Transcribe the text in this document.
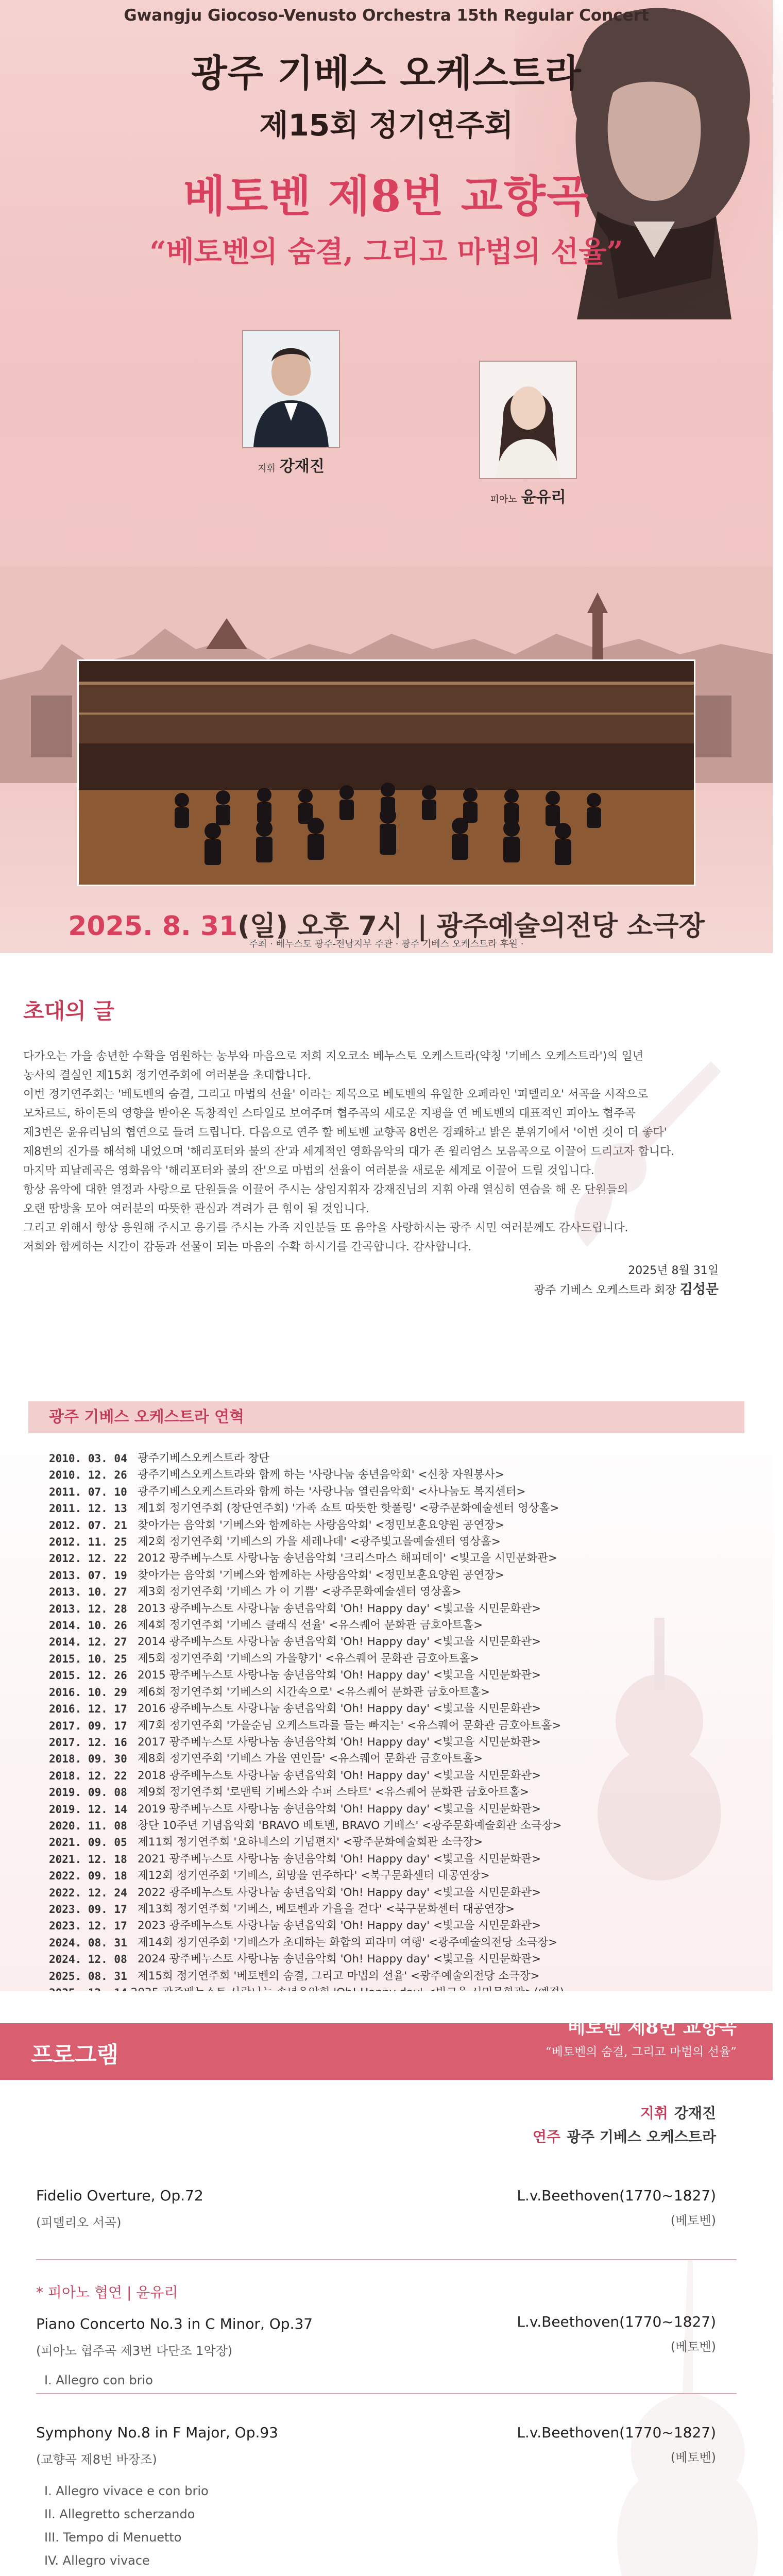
Gwangju Giocoso-Venusto Orchestra 15th Regular Concert
광주 기베스 오케스트라
제15회 정기연주회
베토벤 제8번 교향곡
“베토벤의 숨결, 그리고 마법의 선율”
지휘 강재진
피아노 윤유리
2025. 8. 31(일) 오후 7시 | 광주예술의전당 소극장
주최 · 베누스토 광주-전남지부 주관 · 광주 기베스 오케스트라 후원 ·
초대의 글

다가오는 가을 송년한 수확을 염원하는 농부와 마음으로 저희 지오코소 베누스토 오케스트라(약칭 '기베스 오케스트라')의 일년
농사의 결실인 제15회 정기연주회에 여러분을 초대합니다.
이번 정기연주회는 '베토벤의 숨결, 그리고 마법의 선율' 이라는 제목으로 베토벤의 유일한 오페라인 '피델리오' 서곡을 시작으로
모차르트, 하이든의 영향을 받아온 독창적인 스타일로 보여주며 협주곡의 새로운 지평을 연 베토벤의 대표적인 피아노 협주곡
제3번은 윤유리님의 협연으로 들려 드립니다. 다음으로 연주 할 베토벤 교향곡 8번은 경쾌하고 밝은 분위기에서 '이번 것이 더
제8번의 진가를 해석해 내었으며 '해리포터와 불의 잔'과 세계적인 영화음악의 대가 존 윌리엄스 모음곡으로 이끌어  합니다.
마지막 피날레곡은 영화음악 '해리포터와 불의 잔'으로 마법의 선율이 여러분을 새로운 세계로 이끌어 드릴 것입니다.
항상 음악에 대한 열정과 사랑으로 단원들을 이끌어 주시는 상임지휘자 강재진님의 지휘 아래 열심히 연습을 해 온
오랜 땀방울 모아 여러분의 따뜻한 관심과 격려가 큰 힘이 될 것입니다.
그리고 위해서 항상 응원해 주시고 응기를 주시는 가족 지인분들 또 음악을 사랑하시는 광주 시민 여러분께도
저희와 함께하는 시간이 감동과 선물이 되는 마음의 수확 하시기를 간곡합니다. 감사합니다.

2025년 8월 31일
광주 기베스 오케스트라 회장 김성문
광주 기베스 오케스트라 연혁
2010. 03. 04 광주기베스오케스트라 창단
2010. 12. 26 광주기베스오케스트라와 함께 하는 '사랑나눔 송년음악회' <신창 자원봉사>
2011. 07. 10 광주기베스오케스트라와 함께 하는 '사랑나눔 열린음악회' <사나눔도 복지센터>
2011. 12. 13 제1회 정기연주회 (창단연주회) '가족 쇼트 따뜻한 핫풀링' <광주문화예술센터 영상홀>
2012. 07. 21 찾아가는 음악회 '기베스와 함께하는 사랑음악회' <정민보훈요양원 공연장>
2012. 11. 25 제2회 정기연주회 '기베스의 가을 세레나데' <광주빛고을예술센터 영상홀>
2012. 12. 22 2012 광주베누스토 사랑나눔 송년음악회 '크리스마스 해피데이' <빛고을 시민문화관>
2013. 07. 19 찾아가는 음악회 '기베스와 함께하는 사랑음악회' <정민보훈요양원 공연장>
2013. 10. 27 제3회 정기연주회 '기베스 가 이 기쁨' <광주문화예술센터 영상홀>
2013. 12. 28 2013 광주베누스토 사랑나눔 송년음악회 'Oh! Happy day' <빛고을 시민문화관>
2014. 10. 26 제4회 정기연주회 '기베스 클래식 선율' <유스퀘어 문화관 금호아트홀>
2014. 12. 27 2014 광주베누스토 사랑나눔 송년음악회 'Oh! Happy day' <빛고을 시민문화관>
2015. 10. 25 제5회 정기연주회 '기베스의 가을향기' <유스퀘어 문화관 금호아트홀>
2015. 12. 26 2015 광주베누스토 사랑나눔 송년음악회 'Oh! Happy day' <빛고을 시민문화관>
2016. 10. 29 제6회 정기연주회 '기베스의 시간속으로' <유스퀘어 문화관 금호아트홀>
2016. 12. 17 2016 광주베누스토 사랑나눔 송년음악회 'Oh! Happy day' <빛고을 시민문화관>
2017. 09. 17 제7회 정기연주회 '가을순님 오케스트라를 들는 빠지는' <유스퀘어 문화관 금호아트홀>
2017. 12. 16 2017 광주베누스토 사랑나눔 송년음악회 'Oh! Happy day' <빛고을 시민문화관>
2018. 09. 30 제8회 정기연주회 '기베스 가을 연인들' <유스퀘어 문화관 금호아트홀>
2018. 12. 22 2018 광주베누스토 사랑나눔 송년음악회 'Oh! Happy day' <빛고을 시민문화관>
2019. 09. 08 제9회 정기연주회 '로맨틱 기베스와 수퍼 스타트' <유스퀘어 문화관 금호아트홀>
2019. 12. 14 2019 광주베누스토 사랑나눔 송년음악회 'Oh! Happy day' <빛고을 시민문화관>
2020. 11. 08 창단 10주년 기념음악회 'BRAVO 베토벤, BRAVO 기베스' <광주문화예술회관 소극장>
2021. 09. 05 제11회 정기연주회 '요하네스의 기념편지' <광주문화예술회관 소극장>
2021. 12. 18 2021 광주베누스토 사랑나눔 송년음악회 'Oh! Happy day' <빛고을 시민문화관>
2022. 09. 18 제12회 정기연주회 '기베스, 희망을 연주하다' <북구문화센터 대공연장>
2022. 12. 24 2022 광주베누스토 사랑나눔 송년음악회 'Oh! Happy day' <빛고을 시민문화관>
2023. 09. 17 제13회 정기연주회 '기베스, 베토벤과 가을을 걷다' <북구문화센터 대공연장>
2023. 12. 17 2023 광주베누스토 사랑나눔 송년음악회 'Oh! Happy day' <빛고을 시민문화관>
2024. 08. 31 제14회 정기연주회 '기베스가 초대하는 화합의 피라미 여행' <광주예술의전당 소극장>
2024. 12. 08 2024 광주베누스토 사랑나눔 송년음악회 'Oh! Happy day' <빛고을 시민문화관>
2025. 08. 31 제15회 정기연주회 '베토벤의 숨결, 그리고 마법의 선율' <광주예술의전당 소극장>
프로그램
베토벤 제8번 교향곡
“베토벤의 숨결, 그리고 마법의 선율”
지휘 강재진
연주 광주 기베스 오케스트라
Fidelio Overture, Op.72
(피델리오 서곡)
L.v.Beethoven(1770~1827)
(베토벤)
* 피아노 협연 | 윤유리
Piano Concerto No.3 in C Minor, Op.37
(피아노 협주곡 제3번 다단조 1악장)
L.v.Beethoven(1770~1827)
(베토벤)
I. Allegro con brio
Symphony No.8 in F Major, Op.93
(교향곡 제8번 바장조)
L.v.Beethoven(1770~1827)
(베토벤)
I. Allegro vivace e con brio
II. Allegretto scherzando
III. Tempo di Menuetto
IV. Allegro vivace
